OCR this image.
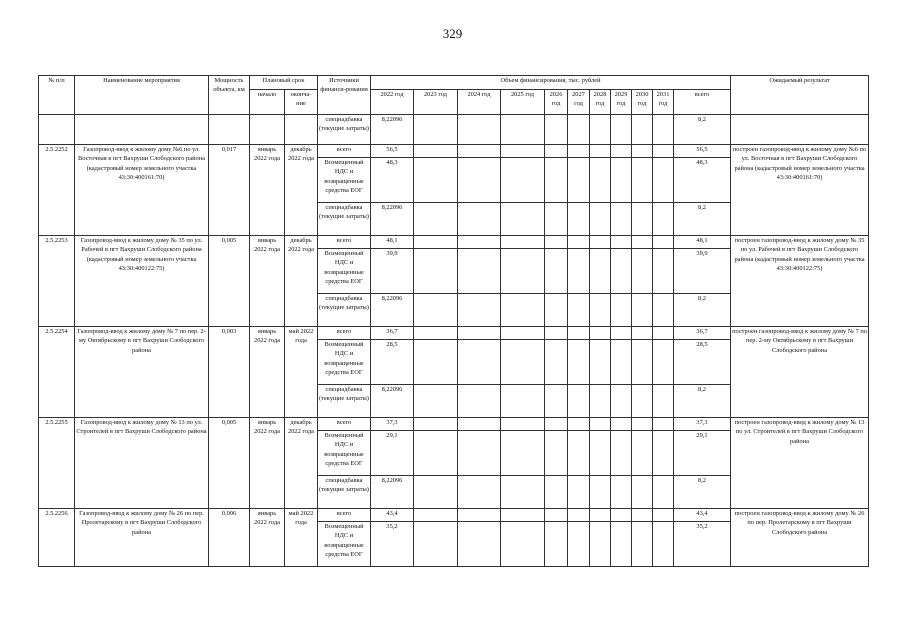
329
№ п/п	Наименование мероприятия	Мощность объекта, км	Плановый срок		Источники финанси-рования	Объем финансирования, тыс. рублей											Ожидаемый результат
			начало	оконча-ние		2022 год	2023 год	2024 год	2025 год	2026 год	2027 год	2028 год	2029 год	2030 год	2031 год	всего	
					спецнадбавка (текущие затраты)	8,22096										8,2	
2.5.2252	Газопровод-ввод к жилому дому №6 по ул. Восточная в пгт Вахруши Слободского района (кадастровый номер земельного участка 43:30:400161:70)	0,017	январь 2022 года	декабрь 2022 года	всего	56,5										56,5	построен газопровод-ввод к жилому дому №6 по ул. Восточная в пгт Вахруши Слободского района (кадастровый номер земельного участка 43:30:400161:70)
					Возмещенный НДС и возвращенные средства ЕОГ	48,3										48,3	
					спецнадбавка (текущие затраты)	8,22096										8,2	
2.5.2253	Газопровод-ввод к жилому дому № 35 по ул. Рабочей в пгт Вахруши Слободского района (кадастровый номер земельного участка 43:30:400122:75)	0,005	январь 2022 года	декабрь 2022 года	всего	48,1										48,1	построен газопровод-ввод к жилому дому № 35 по ул. Рабочей в пгт Вахруши Слободского района (кадастровый номер земельного участка 43:30:400122:75)
					Возмещенный НДС и возвращенные средства ЕОГ	39,9										39,9	
					спецнадбавка (текущие затраты)	8,22096										8,2	
2.5.2254	Газопровод-ввод к жилому дому № 7 по пер. 2-му Октябрьскому в пгт Вахруши Слободского района	0,003	январь 2022 года	май 2022 года	всего	36,7										36,7	построен газопровод-ввод к жилому дому № 7 по пер. 2-му Октябрьскому в пгт Вахруши Слободского района
					Возмещенный НДС и возвращенные средства ЕОГ	28,5										28,5	
					спецнадбавка (текущие затраты)	8,22096										8,2	
2.5.2255	Газопровод-ввод к жилому дому № 13 по ул. Строителей в пгт Вахруши Слободского района	0,005	январь 2022 года	декабрь 2022 года	всего	37,3										37,3	построен газопровод-ввод к жилому дому № 13 по ул. Строителей в пгт Вахруши Слободского района
					Возмещенный НДС и возвращенные средства ЕОГ	29,1										29,1	
					спецнадбавка (текущие затраты)	8,22096										8,2	
2.5.2256	Газопровод-ввод к жилому дому № 26 по пер. Пролетарскому в пгт Вахруши Слободского района	0,006	январь 2022 года	май 2022 года	всего	43,4										43,4	построен газопровод-ввод к жилому дому № 26 по пер. Пролетарскому в пгт Вахруши Слободского района
					Возмещенный НДС и возвращенные средства ЕОГ	35,2										35,2	
